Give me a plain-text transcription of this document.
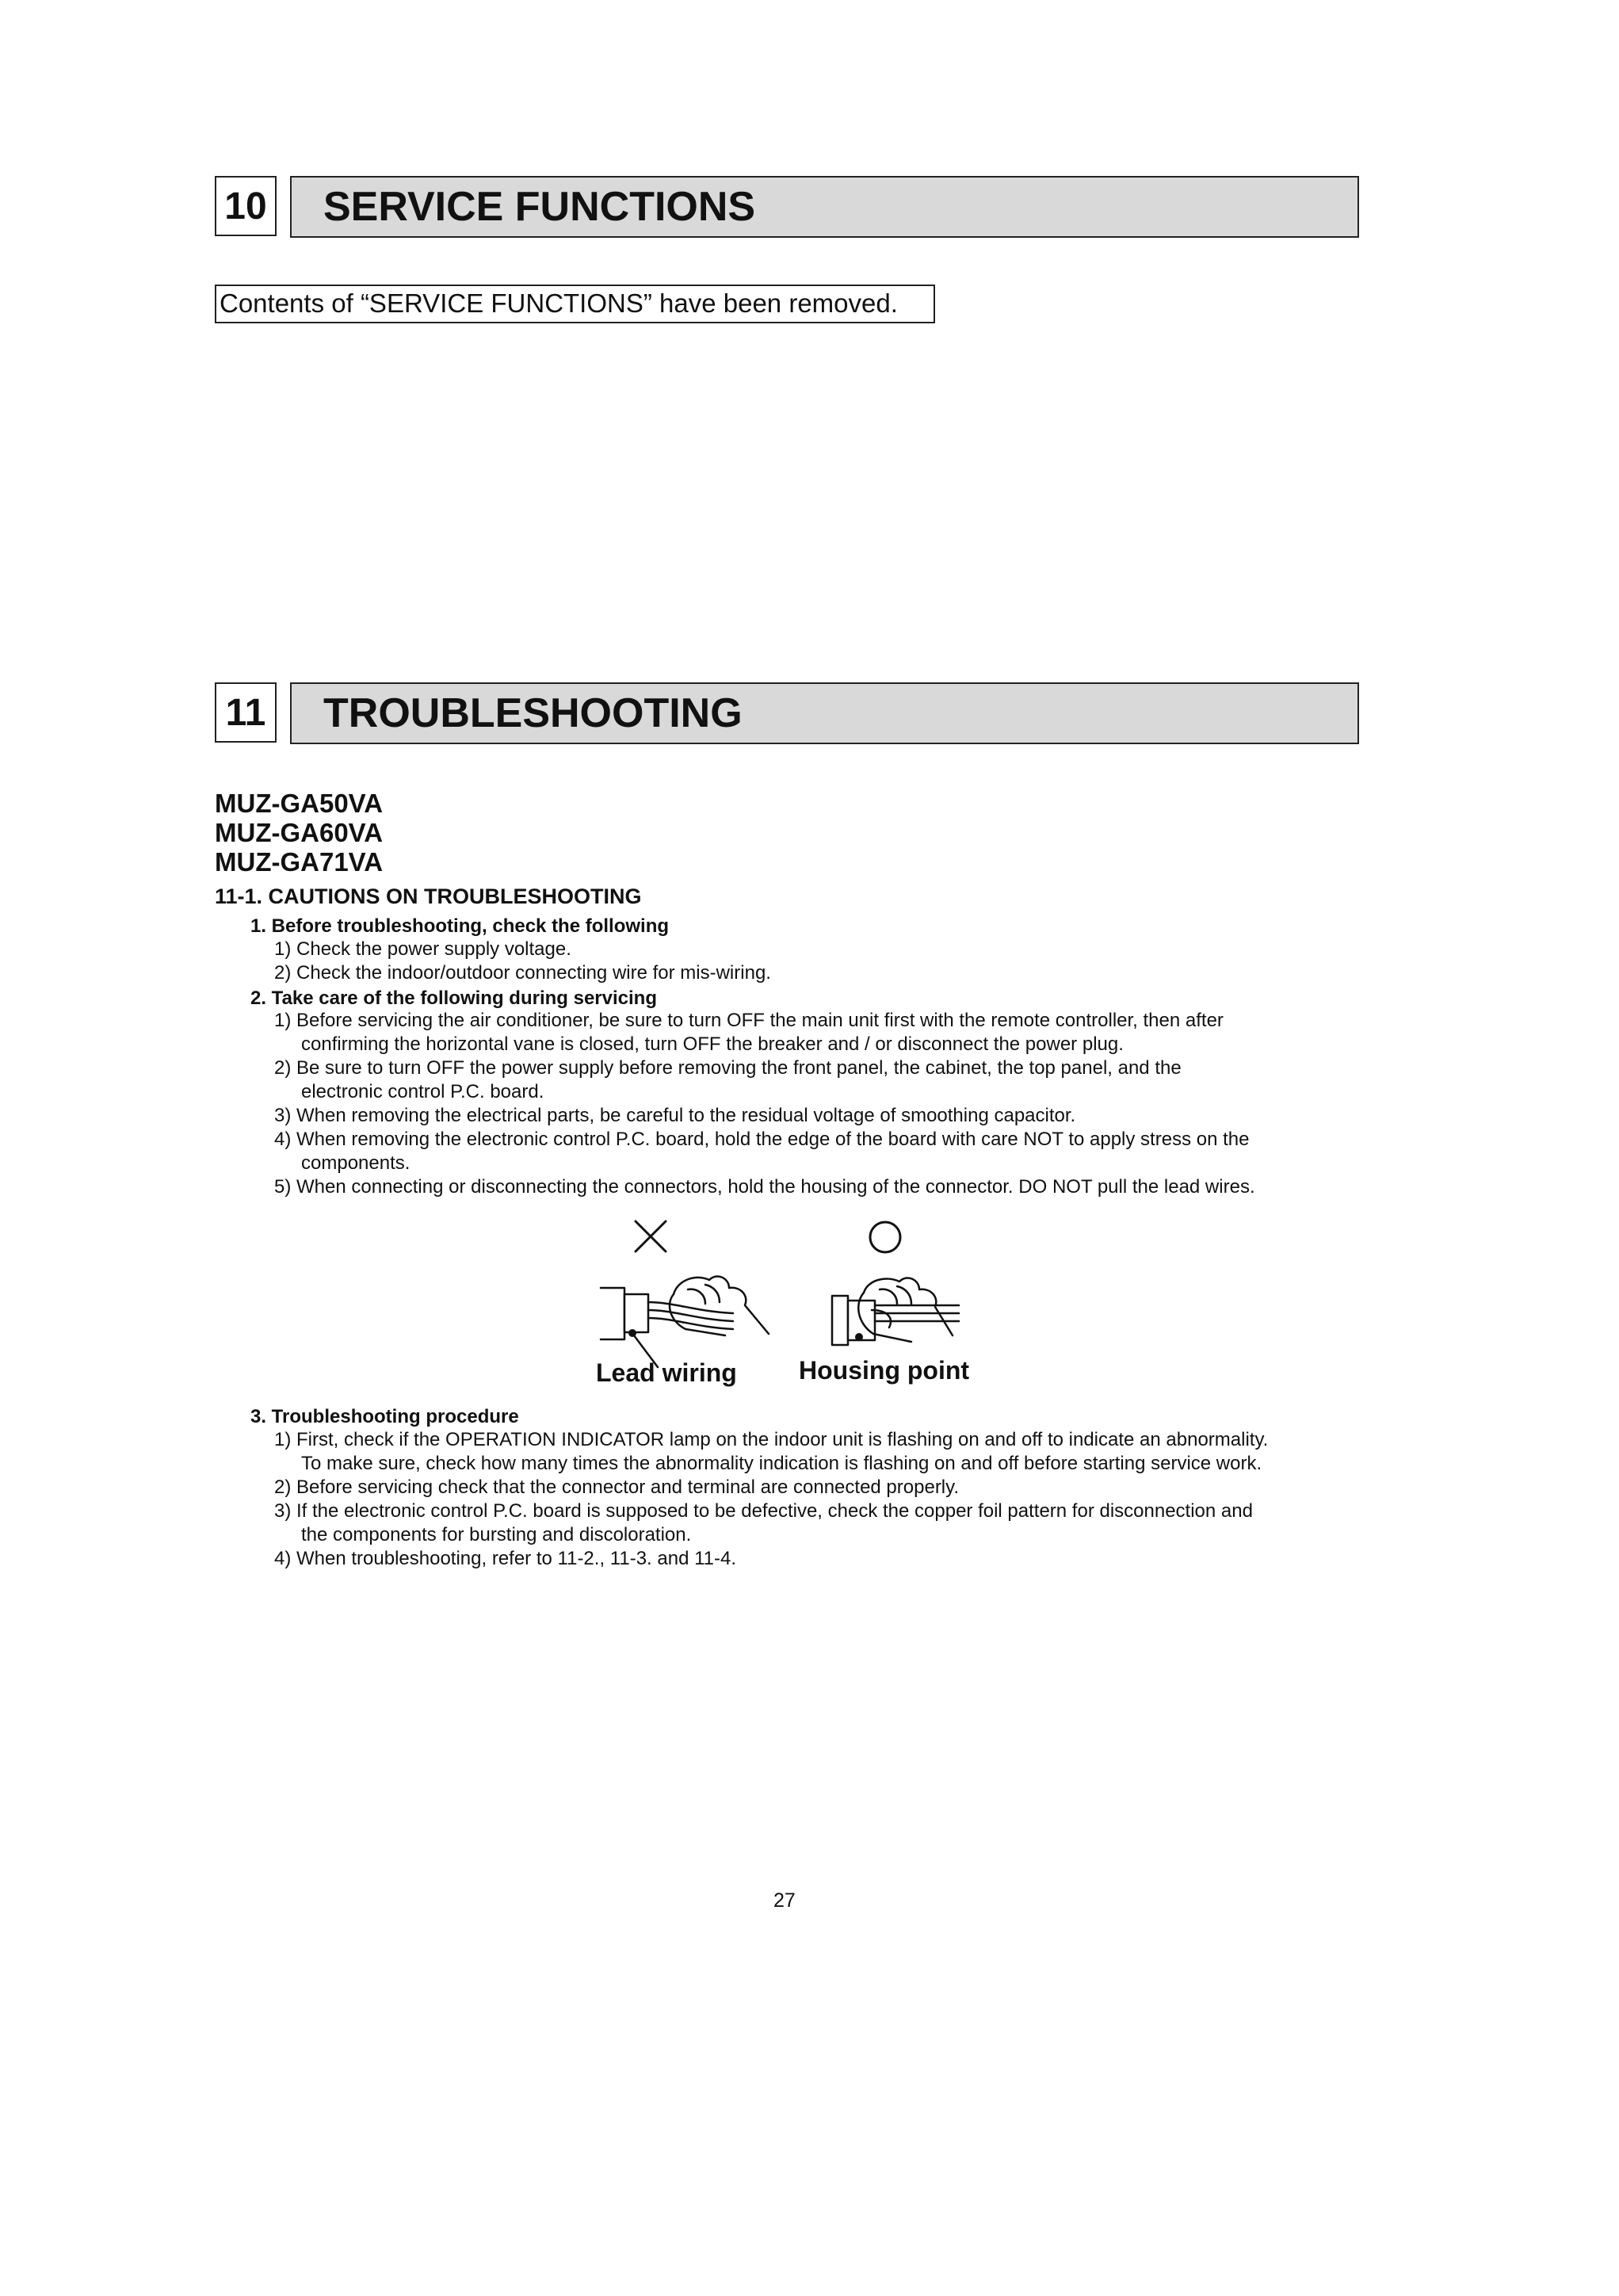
10	SERVICE FUNCTIONS
Contents of “SERVICE FUNCTIONS” have been removed.
11	TROUBLESHOOTING
MUZ-GA50VA
MUZ-GA60VA
MUZ-GA71VA
11-1. CAUTIONS ON TROUBLESHOOTING
1. Before troubleshooting, check the following
1) Check the power supply voltage.
2) Check the indoor/outdoor connecting wire for mis-wiring.
2. Take care of the following during servicing
1) Before servicing the air conditioner, be sure to turn OFF the main unit first with the remote controller, then after
confirming the horizontal vane is closed, turn OFF the breaker and / or disconnect the power plug.
2) Be sure to turn OFF the power supply before removing the front panel, the cabinet, the top panel, and the
electronic control P.C. board.
3) When removing the electrical parts, be careful to the residual voltage of smoothing capacitor.
4) When removing the electronic control P.C. board, hold the edge of the board with care NOT to apply stress on the
components.
5) When connecting or disconnecting the connectors, hold the housing of the connector. DO NOT pull the lead wires.
Lead wiring Housing point
3. Troubleshooting procedure
1) First, check if the OPERATION INDICATOR lamp on the indoor unit is flashing on and off to indicate an abnormality.
To make sure, check how many times the abnormality indication is flashing on and off before starting service work.
2) Before servicing check that the connector and terminal are connected properly.
3) If the electronic control P.C. board is supposed to be defective, check the copper foil pattern for disconnection and
the components for bursting and discoloration.
4) When troubleshooting, refer to 11-2., 11-3. and 11-4.
27
